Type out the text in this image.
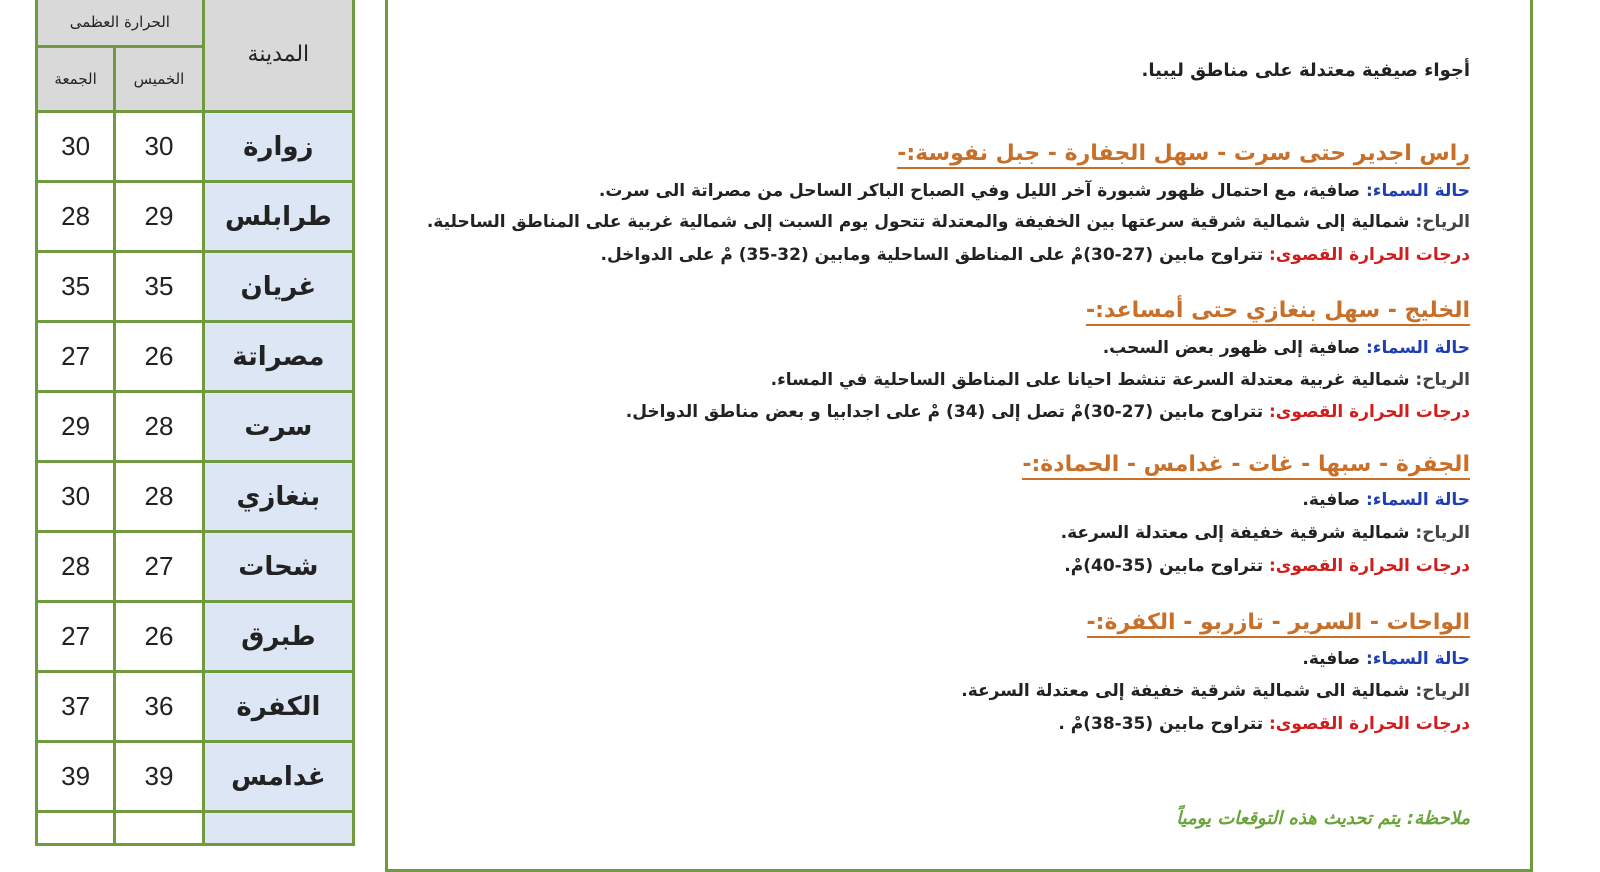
الحرارة العظمى		المدينة
الجمعة	الخميس	
30	30	زوارة
28	29	طرابلس
35	35	غريان
27	26	مصراتة
29	28	سرت
30	28	بنغازي
28	27	شحات
27	26	طبرق
37	36	الكفرة
39	39	غدامس

أجواء صيفية معتدلة على مناطق ليبيا.
راس اجدير حتى سرت - سهل الجفارة - جبل نفوسة:-
حالة السماء: صافية، مع احتمال ظهور شبورة آخر الليل وفي الصباح الباكر الساحل من مصراتة الى سرت.
الرياح: شمالية إلى شمالية شرقية سرعتها بين الخفيفة والمعتدلة تتحول يوم السبت إلى شمالية غربية على المناطق الساحلية.
درجات الحرارة القصوى: تتراوح مابين (27-30)مْ على المناطق الساحلية ومابين (32-35) مْ على الدواخل.
الخليج - سهل بنغازي حتى أمساعد:-
حالة السماء: صافية إلى ظهور بعض السحب.
الرياح: شمالية غربية معتدلة السرعة تنشط احيانا على المناطق الساحلية في المساء.
درجات الحرارة القصوى: تتراوح مابين (27-30)مْ تصل إلى (34) مْ على اجدابيا و بعض مناطق الدواخل.
الجفرة - سبها - غات - غدامس - الحمادة:-
حالة السماء: صافية.
الرياح: شمالية شرقية خفيفة إلى معتدلة السرعة.
درجات الحرارة القصوى: تتراوح مابين (35-40)مْ.
الواحات - السرير - تازربو - الكفرة:-
حالة السماء: صافية.
الرياح: شمالية الى شمالية شرقية خفيفة إلى معتدلة السرعة.
درجات الحرارة القصوى: تتراوح مابين (35-38)مْ .
ملاحظة: يتم تحديث هذه التوقعات يومياً
